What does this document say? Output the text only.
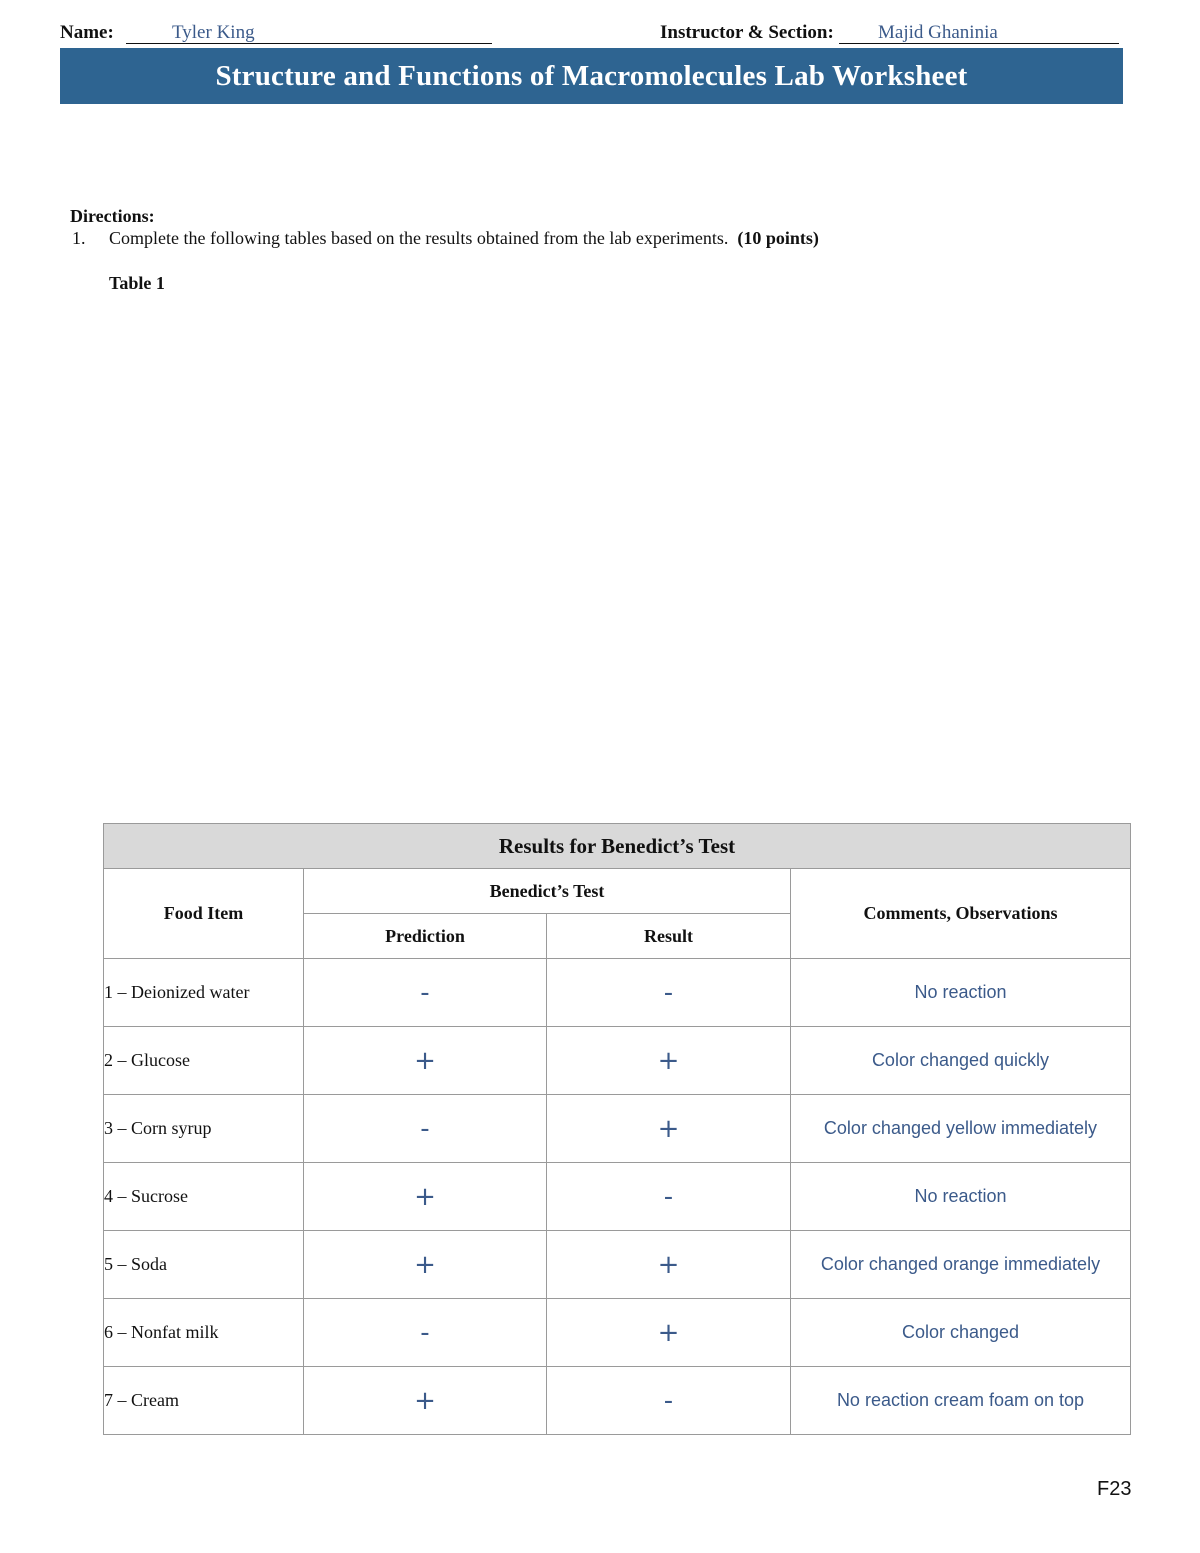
Name:	Tyler King	Instructor & Section: Majid Ghaninia
Structure and Functions of Macromolecules Lab Worksheet
Directions:
1. Complete the following tables based on the results obtained from the lab experiments. (10 points)
Table 1
Results for Benedict’s Test			
Food Item	Benedict’s Test		Comments, Observations
	Prediction	Result	
1 – Deionized water	-	-	No reaction
2 – Glucose	+	+	Color changed quickly
3 – Corn syrup	-	+	Color changed yellow immediately
4 – Sucrose	+	-	No reaction
5 – Soda	+	+	Color changed orange immediately
6 – Nonfat milk	-	+	Color changed
7 – Cream	+	-	No reaction cream foam on top
F23
